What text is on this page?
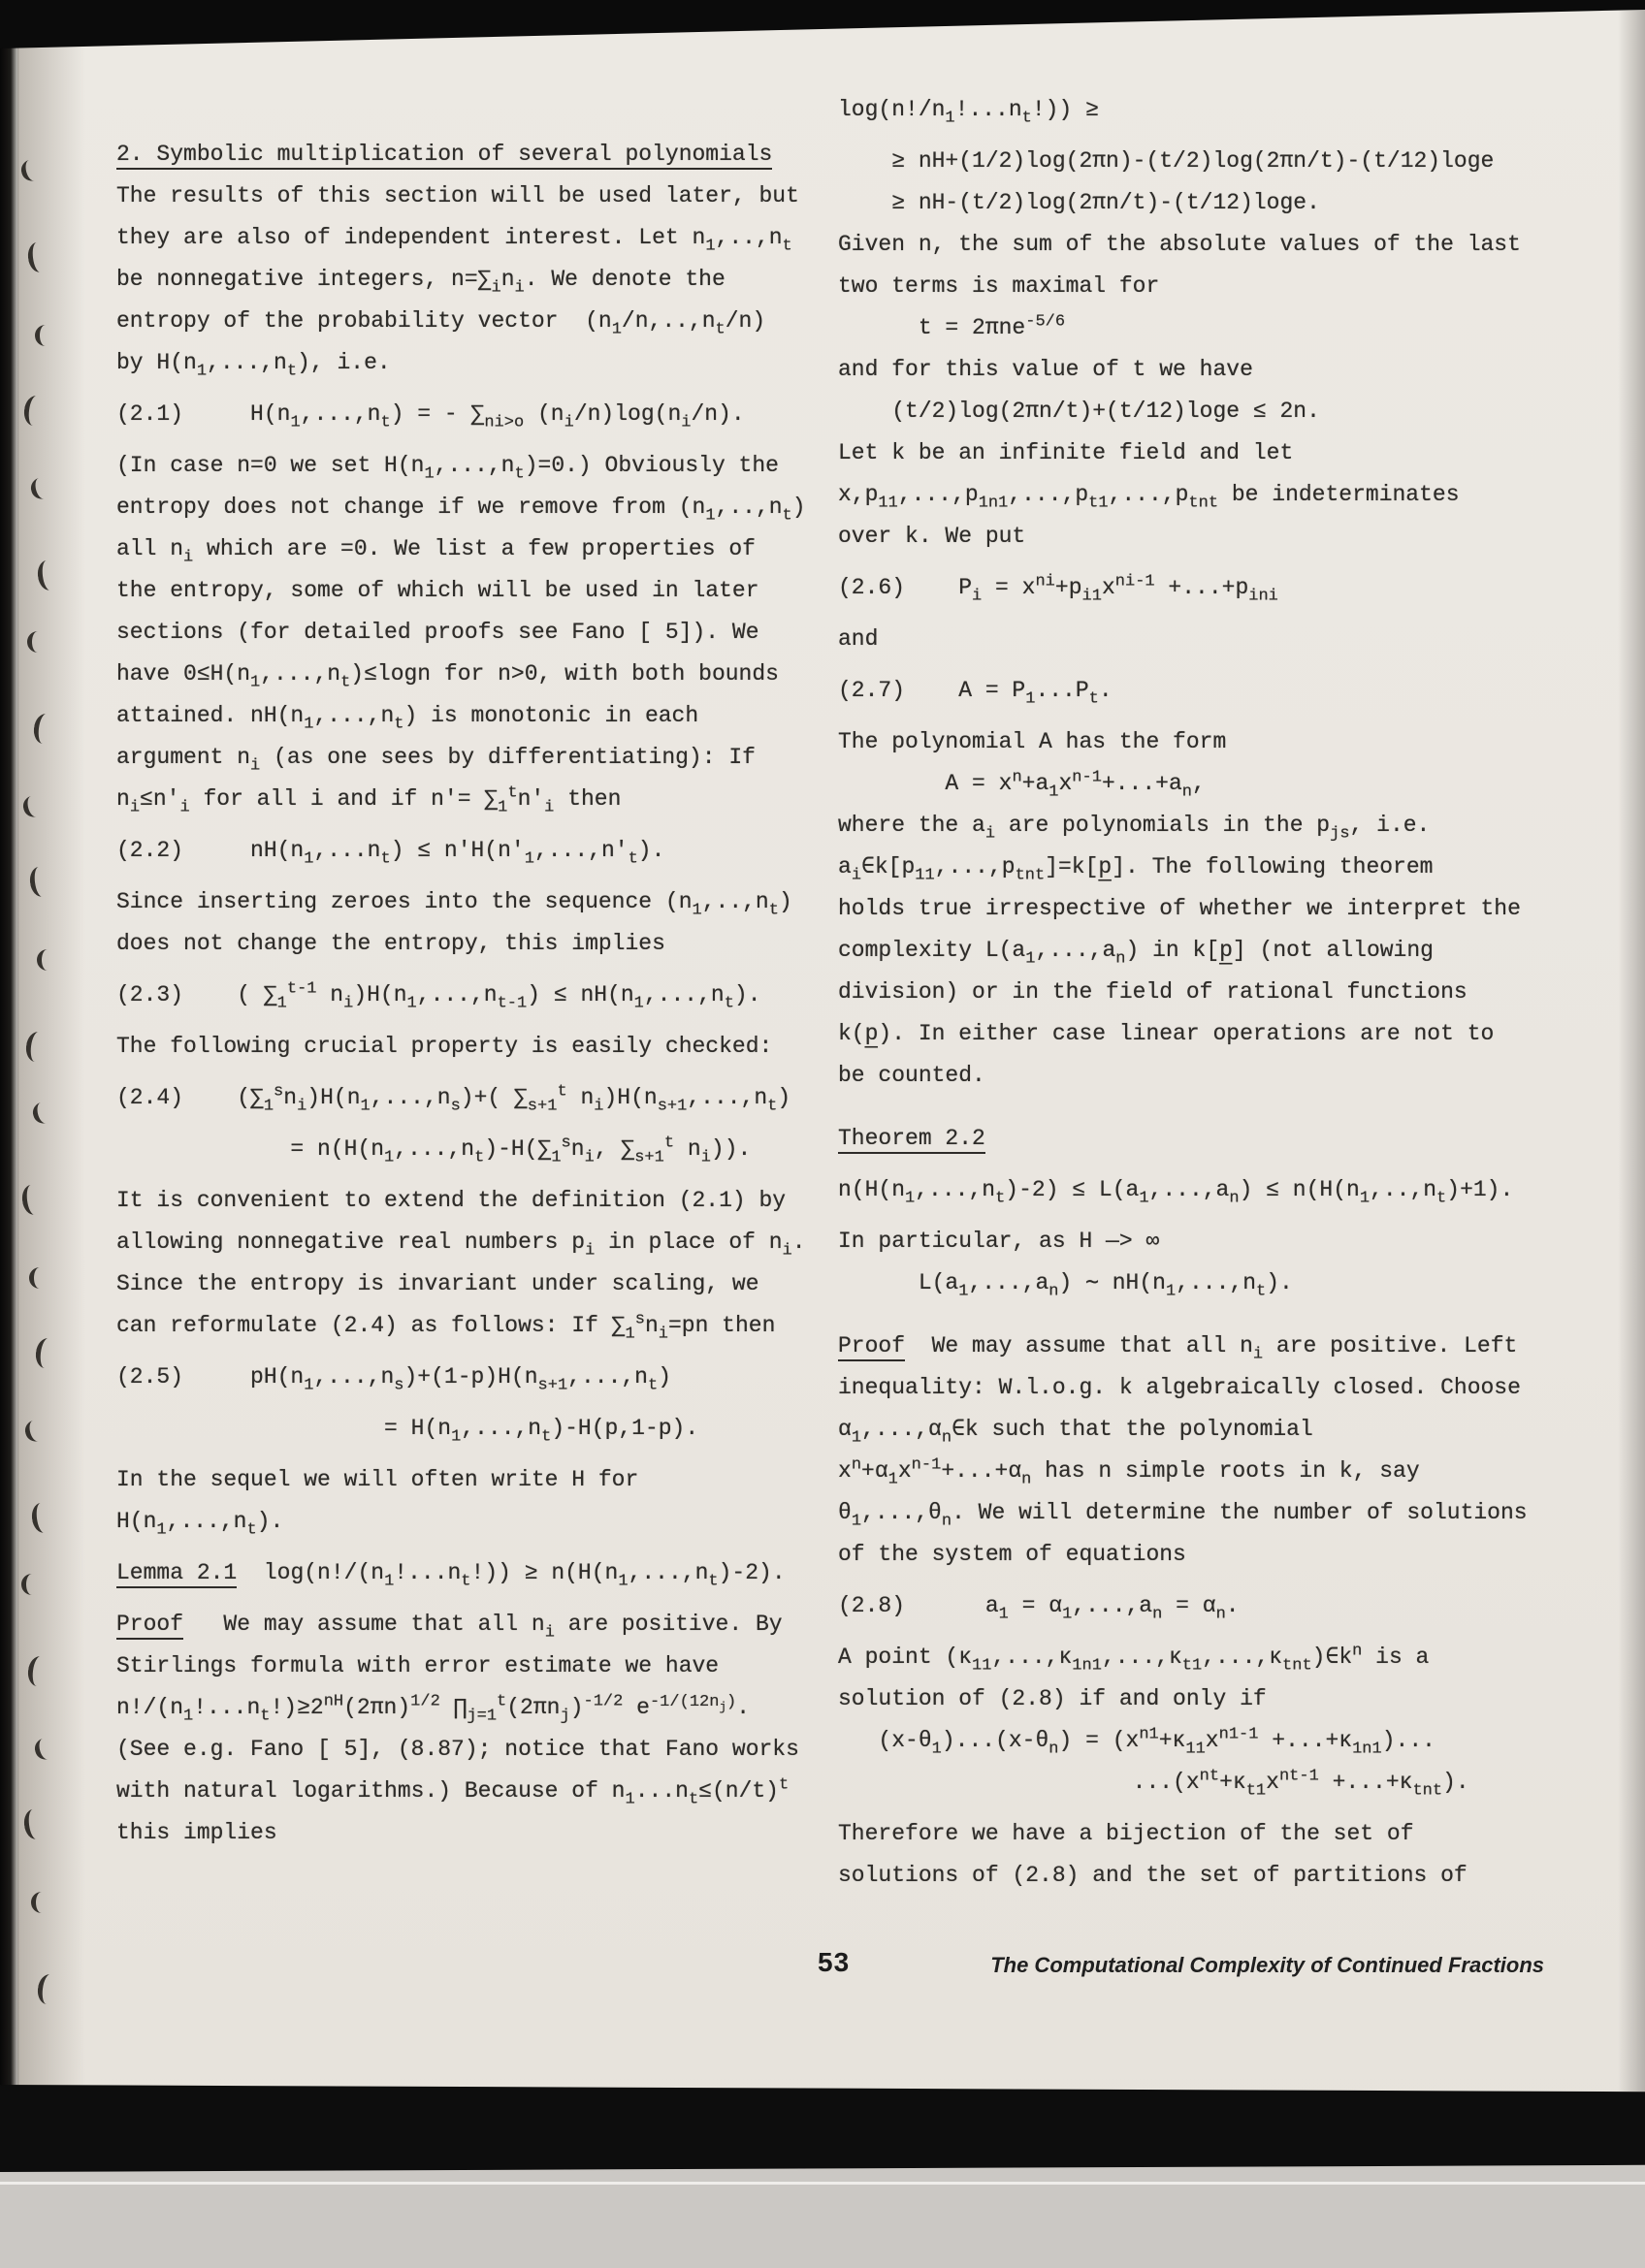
2. Symbolic multiplication of several polynomials
The results of this section will be used later, but
they are also of independent interest. Let $n_1,..,n_t$
be nonnegative integers, $n=\sum_in_i$. We denote the
entropy of the probability vector  $(n_1/n,..,n_t/n)$
by $H(n_1,...,n_t)$, i.e.
(2.1)     $H(n_1,...,n_t)$ = - $\sum_{ni>o}$ $(n_i/n)\log(n_i/n)$.
(In case n=0 we set $H(n_1,...,n_t)=0$.) Obviously the
entropy does not change if we remove from $(n_1,..,n_t)$
all $n_i$ which are =0. We list a few properties of
the entropy, some of which will be used in later
sections (for detailed proofs see Fano [ 5]). We
have $0\le H(n_1,...,n_t)\le\log n$ for n>0, with both bounds
attained. $nH(n_1,...,n_t)$ is monotonic in each
argument $n_i$ (as one sees by differentiating): If
$n_i\le n'_i$ for all i and if $n'= \sum_1^tn'_i$ then
(2.2)     $nH(n_1,...n_t) \le n'H(n'_1,...,n'_t)$.
Since inserting zeroes into the sequence $(n_1,..,n_t)$
does not change the entropy, this implies
(2.3)    ( $\sum_1^{t-1}$ $n_i)H(n_1,...,n_{t-1}) \le nH(n_1,...,n_t)$.
The following crucial property is easily checked:
(2.4)    $(\sum_1^sn_i)H(n_1,...,n_s)+$( $\sum_{s+1}^t$ $n_i)H(n_{s+1},...,n_t)$
= $n(H(n_1,...,n_t)-H(\sum_1^sn_i$, $\sum_{s+1}^t$ $n_i$)).
It is convenient to extend the definition (2.1) by
allowing nonnegative real numbers $p_i$ in place of $n_i$.
Since the entropy is invariant under scaling, we
can reformulate (2.4) as follows: If $\sum_1^sn_i=pn$ then
(2.5)     $pH(n_1,...,n_s)+(1-p)H(n_{s+1},...,n_t)$
= $H(n_1,...,n_t)-H(p,1-p)$.
In the sequel we will often write H for
$H(n_1,...,n_t)$.
Lemma 2.1  $\log(n!/(n_1!...n_t!)) \ge n(H(n_1,...,n_t)-2)$.
Proof   We may assume that all $n_i$ are positive. By
Stirlings formula with error estimate we have
$n!/(n_1!...n_t!)\ge 2^{nH}(2\pi n)^{1/2}$ $\prod_{j=1}^t(2\pi n_j)^{-1/2}$ $e^{-1/(12n_j)}$.
(See e.g. Fano [ 5], (8.87); notice that Fano works
with natural logarithms.) Because of $n_1...n_t\le(n/t)^t$
this implies
$\log(n!/n_1!...n_t!)$) ≥
≥ nH+(1/2)log(2πn)-(t/2)log(2πn/t)-(t/12)loge
≥ nH-(t/2)log(2πn/t)-(t/12)loge.
Given n, the sum of the absolute values of the last
two terms is maximal for
t = 2πne$^{-5/6}$
and for this value of t we have
(t/2)log(2πn/t)+(t/12)loge ≤ 2n.
Let k be an infinite field and let
$x,p_{11},...,p_{1n1},...,p_{t1},...,p_{tnt}$ be indeterminates
over k. We put
(2.6)    $P_i = x^{ni}+p_{i1}x^{ni-1} +...+p_{ini}$
and
(2.7)    $A = P_1...P_t$.
The polynomial A has the form
$A = x^n+a_1x^{n-1}+...+a_n$,
where the $a_i$ are polynomials in the $p_{js}$, i.e.
$a_i\in k[p_{11},...,p_{tnt}]=k[p̲]$. The following theorem
holds true irrespective of whether we interpret the
complexity $L(a_1,...,a_n)$ in k[p̲] (not allowing
division) or in the field of rational functions
k(p̲). In either case linear operations are not to
be counted.
Theorem 2.2
$n(H(n_1,...,n_t)-2) \le L(a_1,...,a_n) \le n(H(n_1,..,n_t)+1)$.
In particular, as H —> ∞
$L(a_1,...,a_n)$ ∼ $nH(n_1,...,n_t)$.
Proof  We may assume that all $n_i$ are positive. Left
inequality: W.l.o.g. k algebraically closed. Choose
$\alpha_1,...,\alpha_n\in k$ such that the polynomial
$x^n+\alpha_1x^{n-1}+...+\alpha_n$ has n simple roots in k, say
$\theta_1,...,\theta_n$. We will determine the number of solutions
of the system of equations
(2.8)      $a_1 = \alpha_1,...,a_n = \alpha_n$.
A point $(\kappa_{11},...,\kappa_{1n1},...,\kappa_{t1},...,\kappa_{tnt})\in k^n$ is a
solution of (2.8) if and only if
$(x-\theta_1)...(x-\theta_n) = (x^{n1}+\kappa_{11}x^{n1-1} +...+\kappa_{1n1})$...
$...(x^{nt}+\kappa_{t1}x^{nt-1} +...+\kappa_{tnt})$.
Therefore we have a bijection of the set of
solutions of (2.8) and the set of partitions of
53	The Computational Complexity of Continued Fractions
